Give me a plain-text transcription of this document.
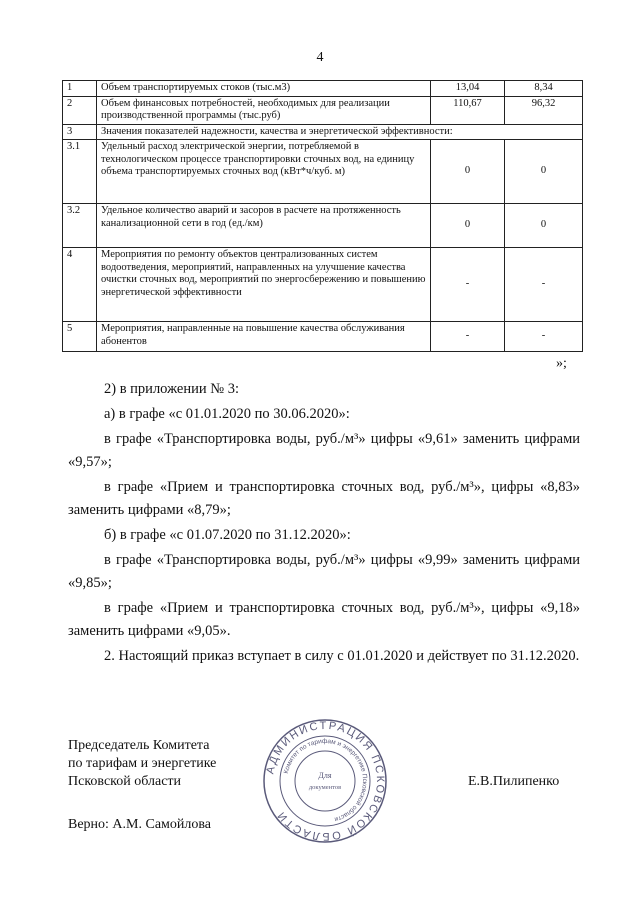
4
1	Объем транспортируемых стоков (тыс.м3)	13,04	8,34
2	Объем финансовых потребностей, необходимых для реализации производственной программы (тыс.руб)	110,67	96,32
3	Значения показателей надежности, качества и энергетической эффективности:		
3.1	Удельный расход электрической энергии, потребляемой в технологическом процессе транспортировки сточных вод, на единицу объема транспортируемых сточных вод (кВт*ч/куб. м)	0	0
3.2	Удельное количество аварий и засоров в расчете на протяженность канализационной сети в год (ед./км)	0	0
4	Мероприятия по ремонту объектов централизованных систем водоотведения, мероприятий, направленных на улучшение качества очистки сточных вод, мероприятий по энергосбережению и повышению энергетической эффективности	-	-
5	Мероприятия, направленные на повышение качества обслуживания абонентов	-	-
»;

2) в приложении № 3:

а) в графе «с 01.01.2020 по 30.06.2020»:

в графе «Транспортировка воды, руб./м³» цифры «9,61» заменить цифрами «9,57»;

в графе «Прием и транспортировка сточных вод, руб./м³», цифры «8,83» заменить цифрами «8,79»;

б) в графе «с 01.07.2020 по 31.12.2020»:

в графе «Транспортировка воды, руб./м³» цифры «9,99» заменить цифрами «9,85»;

в графе «Прием и транспортировка сточных вод, руб./м³», цифры «9,18» заменить цифрами «9,05».

2. Настоящий приказ вступает в силу с 01.01.2020 и действует по 31.12.2020.

Председатель Комитета
по тарифам и энергетике
Псковской области	Е.В.Пилипенко
Верно: А.М. Самойлова
АДМИНИСТРАЦИЯ ПСКОВСКОЙ ОБЛАСТИ
Комитет по тарифам и энергетике Псковской области
Для
документов
